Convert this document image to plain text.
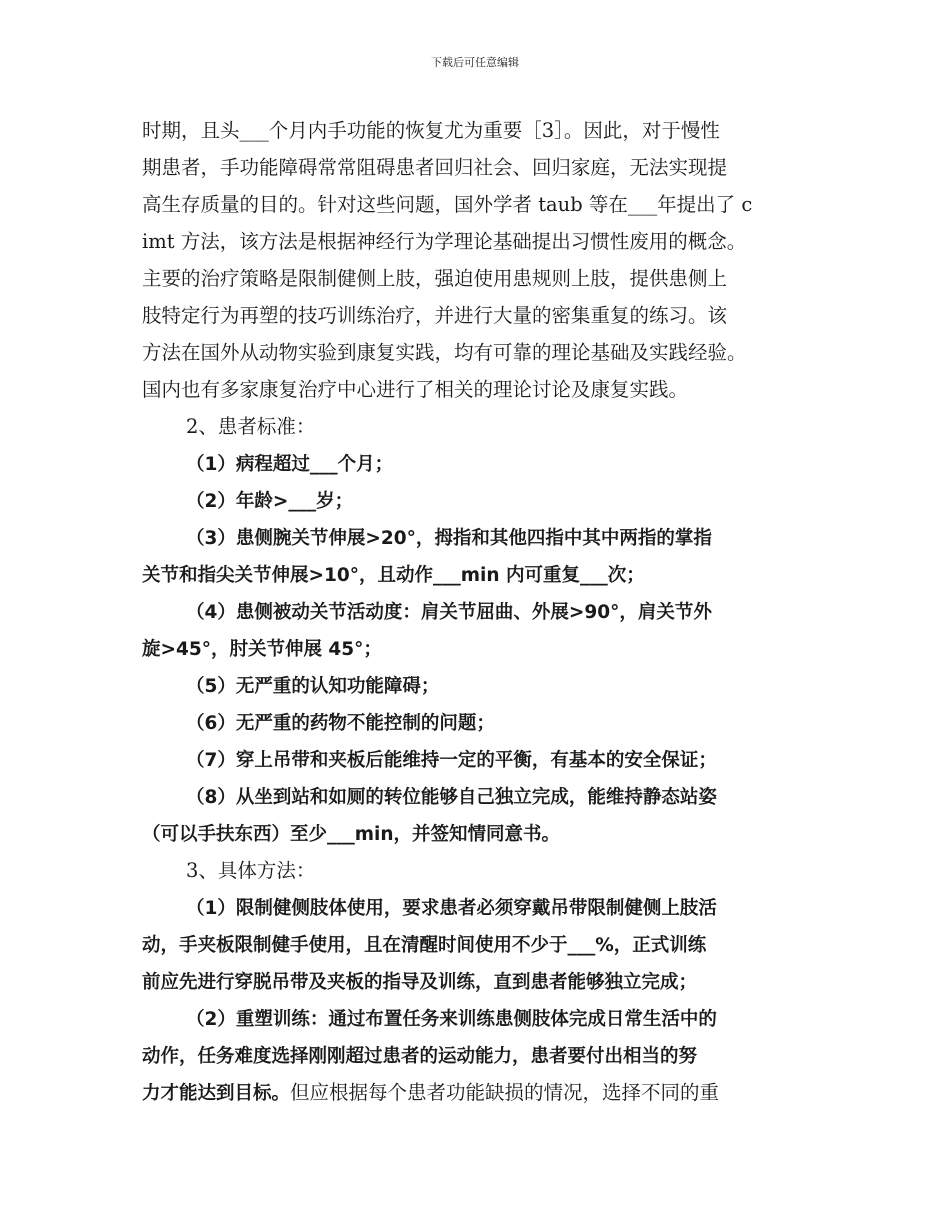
下载后可任意编辑
时期，且头___个月内手功能的恢复尤为重要［3］。因此，对于慢性
期患者，手功能障碍常常阻碍患者回归社会、回归家庭，无法实现提
高生存质量的目的。针对这些问题，国外学者 taub 等在___年提出了 c
imt 方法，该方法是根据神经行为学理论基础提出习惯性废用的概念。
主要的治疗策略是限制健侧上肢，强迫使用患规则上肢，提供患侧上
肢特定行为再塑的技巧训练治疗，并进行大量的密集重复的练习。该
方法在国外从动物实验到康复实践，均有可靠的理论基础及实践经验。
国内也有多家康复治疗中心进行了相关的理论讨论及康复实践。
2、患者标准：
（1）病程超过___个月；
（2）年龄>___岁；
（3）患侧腕关节伸展>20°，拇指和其他四指中其中两指的掌指
关节和指尖关节伸展>10°，且动作___min 内可重复___次；
（4）患侧被动关节活动度：肩关节屈曲、外展>90°，肩关节外
旋>45°，肘关节伸展 45°；
（5）无严重的认知功能障碍；
（6）无严重的药物不能控制的问题；
（7）穿上吊带和夹板后能维持一定的平衡，有基本的安全保证；
（8）从坐到站和如厕的转位能够自己独立完成，能维持静态站姿
（可以手扶东西）至少___min，并签知情同意书。
3、具体方法：
（1）限制健侧肢体使用，要求患者必须穿戴吊带限制健侧上肢活
动，手夹板限制健手使用，且在清醒时间使用不少于___%，正式训练
前应先进行穿脱吊带及夹板的指导及训练，直到患者能够独立完成；
（2）重塑训练：通过布置任务来训练患侧肢体完成日常生活中的
动作，任务难度选择刚刚超过患者的运动能力，患者要付出相当的努
力才能达到目标。但应根据每个患者功能缺损的情况，选择不同的重
